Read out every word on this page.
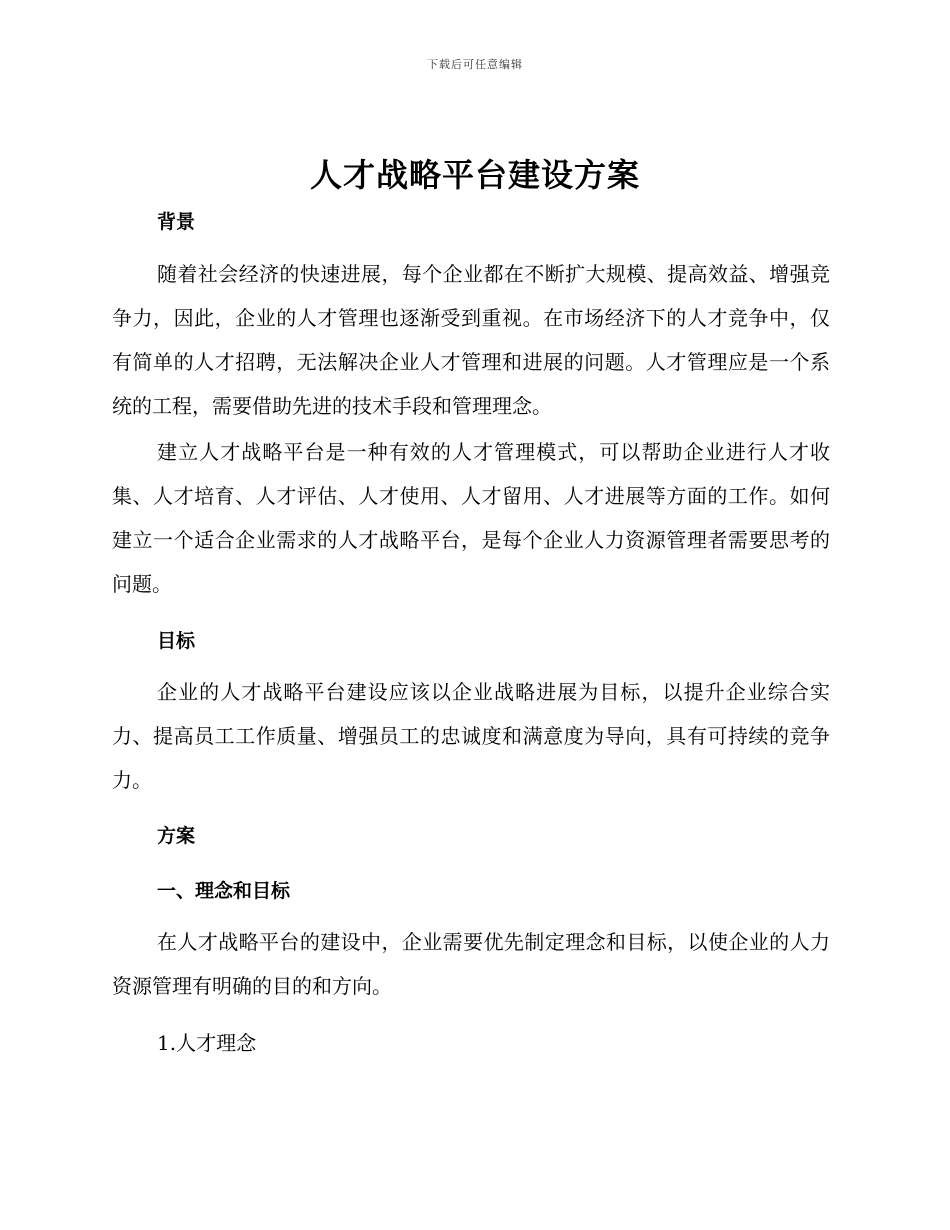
下载后可任意编辑
人才战略平台建设方案
背景

随着社会经济的快速进展，每个企业都在不断扩大规模、提高效益、增强竞争力，因此，企业的人才管理也逐渐受到重视。在市场经济下的人才竞争中，仅有简单的人才招聘，无法解决企业人才管理和进展的问题。人才管理应是一个系统的工程，需要借助先进的技术手段和管理理念。

建立人才战略平台是一种有效的人才管理模式，可以帮助企业进行人才收集、人才培育、人才评估、人才使用、人才留用、人才进展等方面的工作。如何建立一个适合企业需求的人才战略平台，是每个企业人力资源管理者需要思考的问题。

目标

企业的人才战略平台建设应该以企业战略进展为目标，以提升企业综合实力、提高员工工作质量、增强员工的忠诚度和满意度为导向，具有可持续的竞争力。

方案
一、理念和目标

在人才战略平台的建设中，企业需要优先制定理念和目标，以使企业的人力资源管理有明确的目的和方向。

1.人才理念
